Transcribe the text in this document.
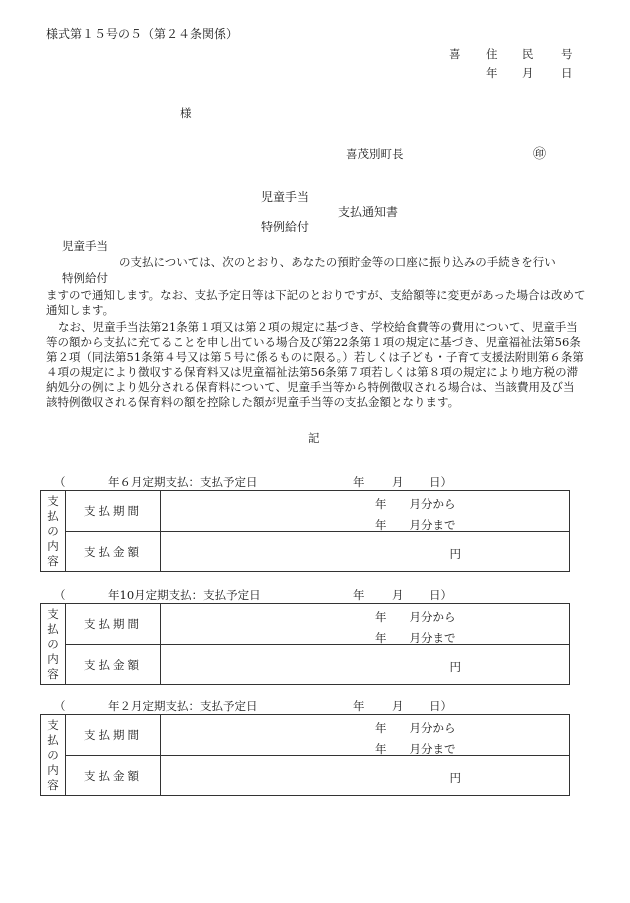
様式第１５号の５（第２４条関係）
喜 住 民 号
年 月 日
様
喜茂別町長	㊞
児童手当
支払通知書
特例給付
児童手当
の支払については、次のとおり、あなたの預貯金等の口座に振り込みの手続きを行い
特例給付
ますので通知します。なお、支払予定日等は下記のとおりですが、支給額等に変更があった場合は改めて通知します。
なお、児童手当法第21条第１項又は第２項の規定に基づき、学校給食費等の費用について、児童手当等の額から支払に充てることを申し出ている場合及び第22条第１項の規定に基づき、児童福祉法第56条第２項（同法第51条第４号又は第５号に係るものに限る。）若しくは子ども・子育て支援法附則第６条第４項の規定により徴収する保育料又は児童福祉法第56条第７項若しくは第８項の規定により地方税の滞納処分の例により処分される保育料について、児童手当等から特例徴収される場合は、当該費用及び当該特例徴収される保育料の額を控除した額が児童手当等の支払金額となります。
記
（	年６月定期支払：支払予定日	年 月 日）
支払の内容	支払期間	年　　月分から
年　　月分まで

	支払金額	円
（	年10月定期支払：支払予定日	年 月 日）
支払の内容	支払期間	年　　月分から
年　　月分まで

	支払金額	円
（	年２月定期支払：支払予定日	年 月 日）
支払の内容	支払期間	年　　月分から
年　　月分まで

	支払金額	円
